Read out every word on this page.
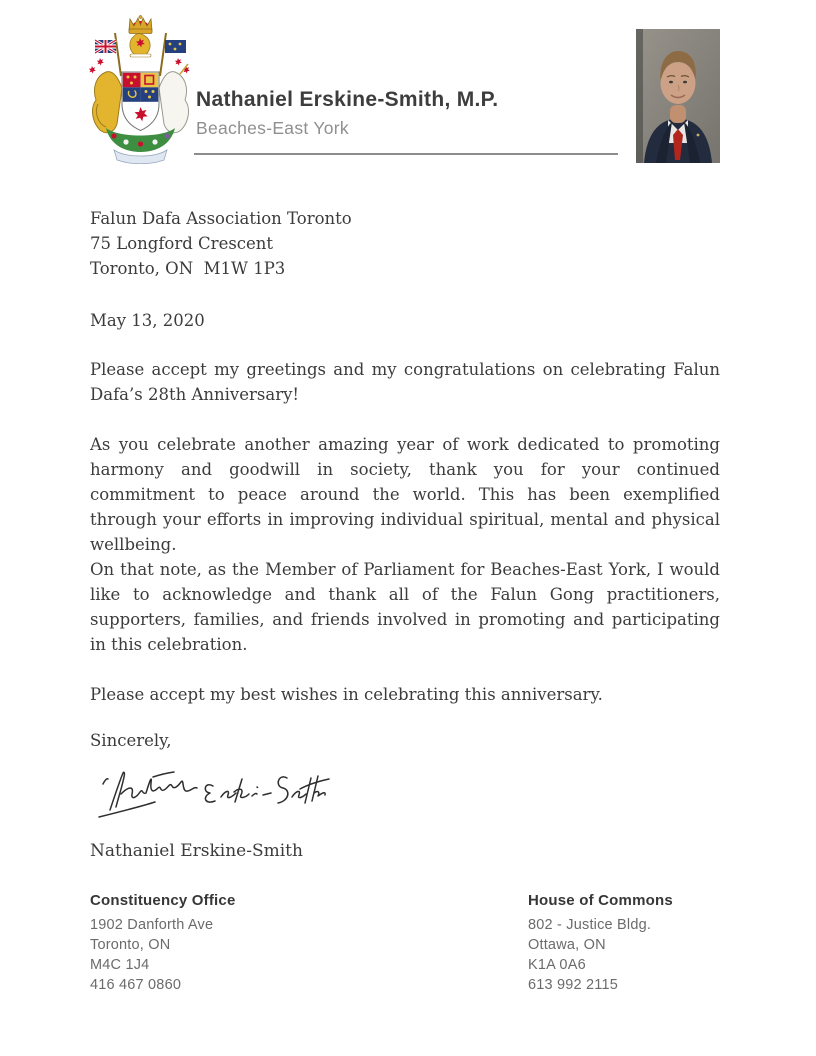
Nathaniel Erskine-Smith, M.P.
Beaches-East York
Falun Dafa Association Toronto
75 Longford Crescent
Toronto, ON  M1W 1P3
May 13, 2020
Please accept my greetings and my congratulations on celebrating Falun Dafa’s 28th Anniversary!
As you celebrate another amazing year of work dedicated to promoting harmony and goodwill in society, thank you for your continued commitment to peace around the world. This has been exemplified through your efforts in improving individual spiritual, mental and physical wellbeing.
On that note, as the Member of Parliament for Beaches-East York, I would like to acknowledge and thank all of the Falun Gong practitioners, supporters, families, and friends involved in promoting and participating in this celebration.
Please accept my best wishes in celebrating this anniversary.
Sincerely,
Nathaniel Erskine-Smith
Constituency Office
1902 Danforth Ave
Toronto, ON
M4C 1J4
416 467 0860
House of Commons
802 - Justice Bldg.
Ottawa, ON
K1A 0A6
613 992 2115
